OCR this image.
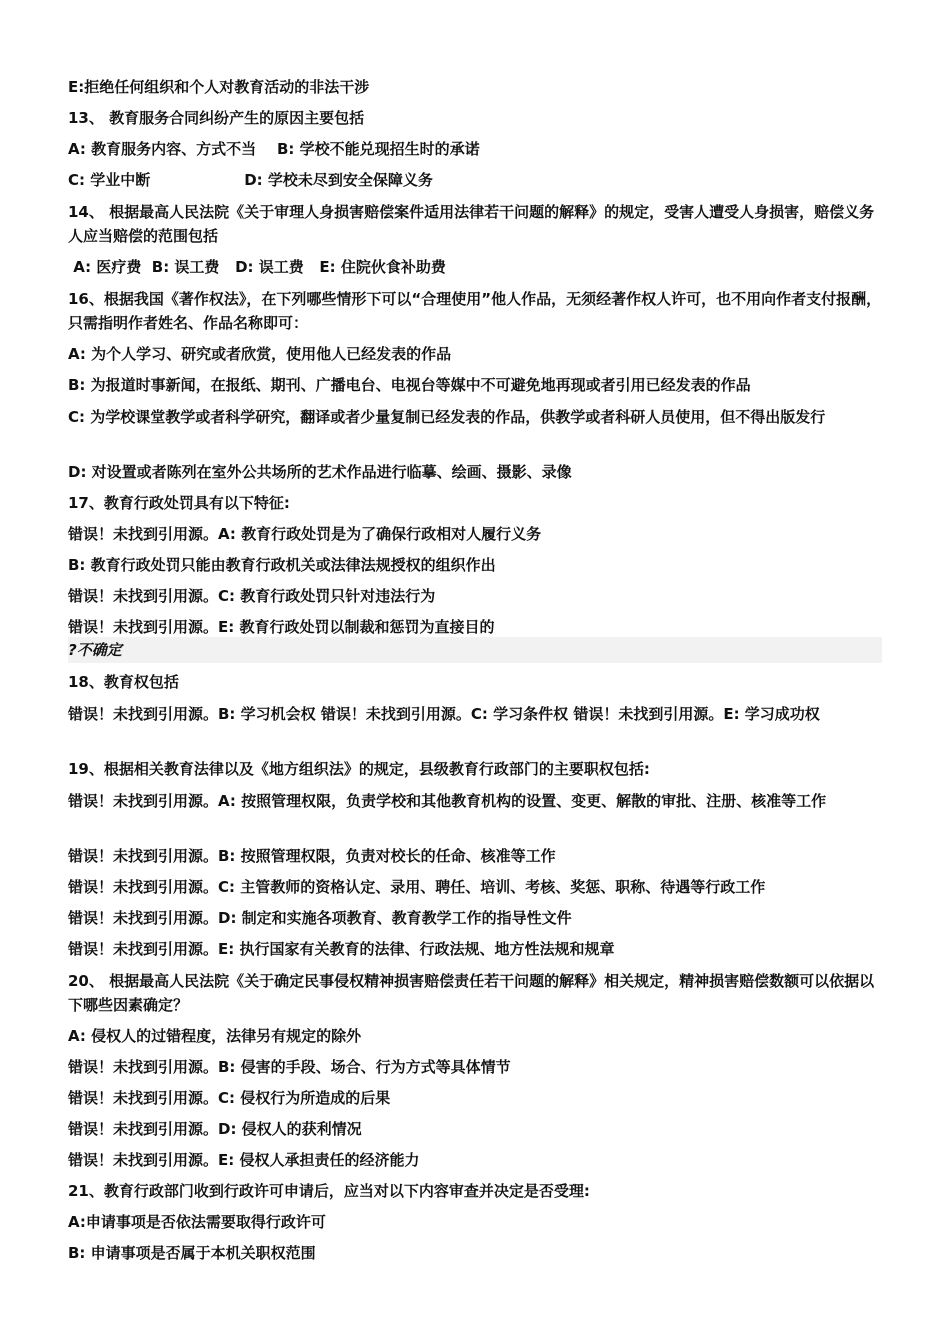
E:拒绝任何组织和个人对教育活动的非法干涉
13、 教育服务合同纠纷产生的原因主要包括
A: 教育服务内容、方式不当    B: 学校不能兑现招生时的承诺
C: 学业中断                  D: 学校未尽到安全保障义务
14、 根据最高人民法院《关于审理人身损害赔偿案件适用法律若干问题的解释》的规定，受害人遭受人身损害，赔偿义务人应当赔偿的范围包括
A: 医疗费  B: 误工费   D: 误工费   E: 住院伙食补助费
16、根据我国《著作权法》，在下列哪些情形下可以“合理使用”他人作品，无须经著作权人许可，也不用向作者支付报酬，只需指明作者姓名、作品名称即可：
A: 为个人学习、研究或者欣赏，使用他人已经发表的作品
B: 为报道时事新闻，在报纸、期刊、广播电台、电视台等媒中不可避免地再现或者引用已经发表的作品
C: 为学校课堂教学或者科学研究，翻译或者少量复制已经发表的作品，供教学或者科研人员使用，但不得出版发行
D: 对设置或者陈列在室外公共场所的艺术作品进行临摹、绘画、摄影、录像
17、教育行政处罚具有以下特征:
错误！未找到引用源。A: 教育行政处罚是为了确保行政相对人履行义务
B: 教育行政处罚只能由教育行政机关或法律法规授权的组织作出
错误！未找到引用源。C: 教育行政处罚只针对违法行为
错误！未找到引用源。E: 教育行政处罚以制裁和惩罚为直接目的
?不确定
18、教育权包括
错误！未找到引用源。B: 学习机会权 错误！未找到引用源。C: 学习条件权 错误！未找到引用源。E: 学习成功权
19、根据相关教育法律以及《地方组织法》的规定，县级教育行政部门的主要职权包括:
错误！未找到引用源。A: 按照管理权限，负责学校和其他教育机构的设置、变更、解散的审批、注册、核准等工作
错误！未找到引用源。B: 按照管理权限，负责对校长的任命、核准等工作
错误！未找到引用源。C: 主管教师的资格认定、录用、聘任、培训、考核、奖惩、职称、待遇等行政工作
错误！未找到引用源。D: 制定和实施各项教育、教育教学工作的指导性文件
错误！未找到引用源。E: 执行国家有关教育的法律、行政法规、地方性法规和规章
20、 根据最高人民法院《关于确定民事侵权精神损害赔偿责任若干问题的解释》相关规定，精神损害赔偿数额可以依据以下哪些因素确定？
A: 侵权人的过错程度，法律另有规定的除外
错误！未找到引用源。B: 侵害的手段、场合、行为方式等具体情节
错误！未找到引用源。C: 侵权行为所造成的后果
错误！未找到引用源。D: 侵权人的获利情况
错误！未找到引用源。E: 侵权人承担责任的经济能力
21、教育行政部门收到行政许可申请后，应当对以下内容审查并决定是否受理:
A:申请事项是否依法需要取得行政许可
B: 申请事项是否属于本机关职权范围
